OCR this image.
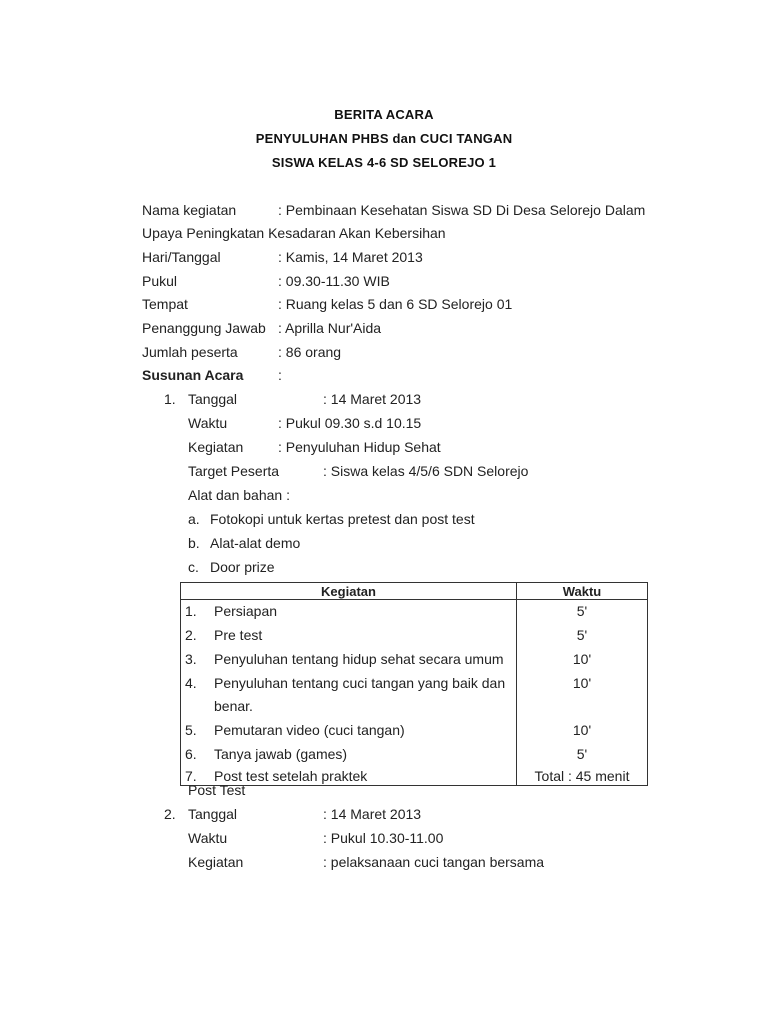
BERITA ACARA
PENYULUHAN PHBS dan CUCI TANGAN
SISWA KELAS 4-6 SD SELOREJO 1
Nama kegiatan	: Pembinaan Kesehatan Siswa SD Di Desa Selorejo Dalam
Upaya Peningkatan Kesadaran Akan Kebersihan
Hari/Tanggal	: Kamis, 14 Maret 2013
Pukul	: 09.30-11.30 WIB
Tempat	: Ruang kelas 5 dan 6 SD Selorejo 01
Penanggung Jawab : Aprilla Nur'Aida
Jumlah peserta	: 86 orang
Susunan Acara :
1. Tanggal	: 14 Maret 2013
Waktu	: Pukul 09.30 s.d 10.15
Kegiatan : Penyuluhan Hidup Sehat
Target Peserta	: Siswa kelas 4/5/6 SDN Selorejo
Alat dan bahan :
a. Fotokopi untuk kertas pretest dan post test
b. Alat-alat demo
c. Door prize
Kegiatan	Waktu

1. Persiapan	5'

2. Pre test	5'

3. Penyuluhan tentang hidup sehat secara umum	10'

4. Penyuluhan tentang cuci tangan yang baik dan
benar.	10'

5. Pemutaran video (cuci tangan)	10'

6. Tanya jawab (games)	5'

7. Post test setelah praktek	Total : 45 menit
Post Test
2. Tanggal	: 14 Maret 2013
Waktu	: Pukul 10.30-11.00
Kegiatan	: pelaksanaan cuci tangan bersama
